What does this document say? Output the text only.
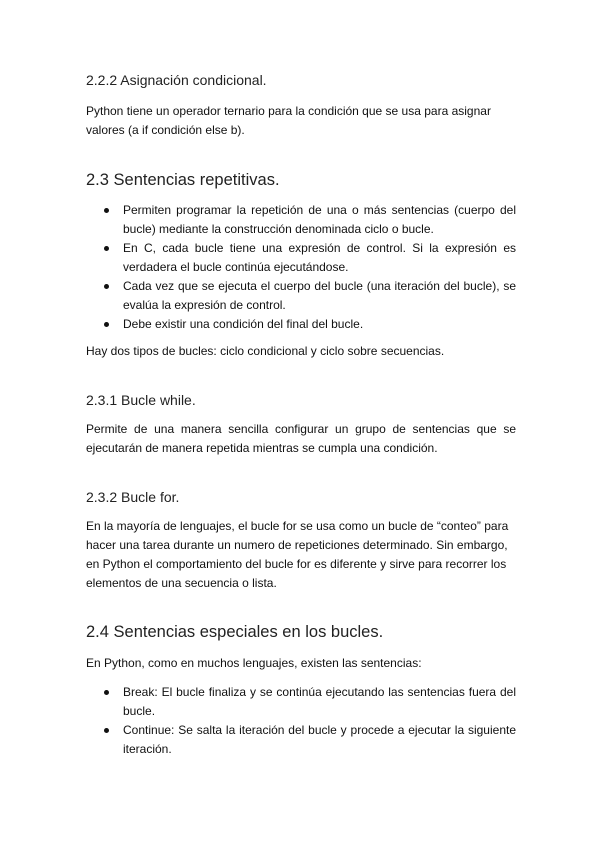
2.2.2 Asignación condicional.
Python tiene un operador ternario para la condición que se usa para asignar valores (a if condición else b).
2.3 Sentencias repetitivas.
Permiten programar la repetición de una o más sentencias (cuerpo del bucle) mediante la construcción denominada ciclo o bucle.
En C, cada bucle tiene una expresión de control. Si la expresión es verdadera el bucle continúa ejecutándose.
Cada vez que se ejecuta el cuerpo del bucle (una iteración del bucle), se evalúa la expresión de control.
Debe existir una condición del final del bucle.
Hay dos tipos de bucles: ciclo condicional y ciclo sobre secuencias.
2.3.1 Bucle while.
Permite de una manera sencilla configurar un grupo de sentencias que se ejecutarán de manera repetida mientras se cumpla una condición.
2.3.2 Bucle for.
En la mayoría de lenguajes, el bucle for se usa como un bucle de “conteo” para hacer una tarea durante un numero de repeticiones determinado. Sin embargo, en Python el comportamiento del bucle for es diferente y sirve para recorrer los elementos de una secuencia o lista.
2.4 Sentencias especiales en los bucles.
En Python, como en muchos lenguajes, existen las sentencias:
Break: El bucle finaliza y se continúa ejecutando las sentencias fuera del bucle.
Continue: Se salta la iteración del bucle y procede a ejecutar la siguiente iteración.
